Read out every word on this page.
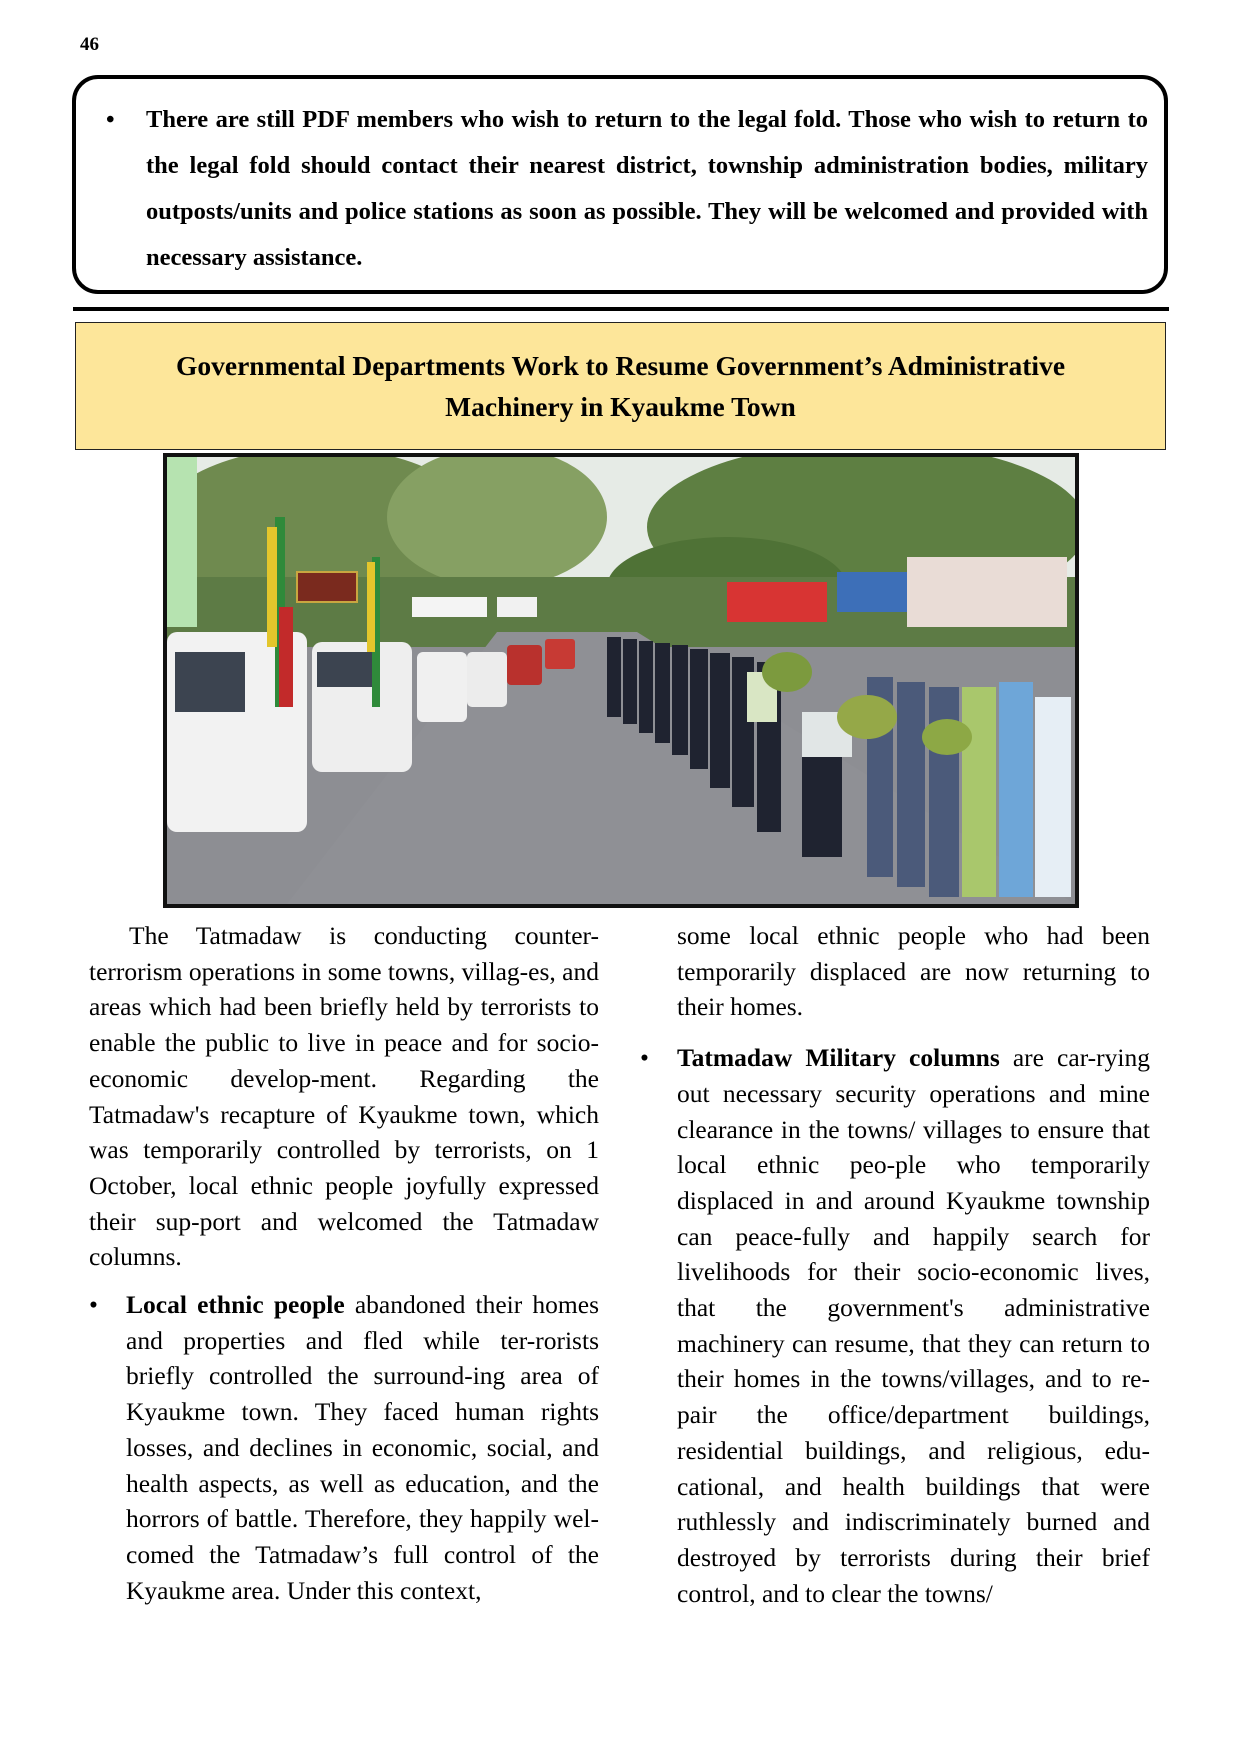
46
• There are still PDF members who wish to return to the legal fold. Those who wish to return to the legal fold should contact their nearest district, township administration bodies, military outposts/units and police stations as soon as possible. They will be welcomed and provided with necessary assistance.
Governmental Departments Work to Resume Government’s Administrative
Machinery in Kyaukme Town

The Tatmadaw is conducting counter-terrorism operations in some towns, villag-es, and areas which had been briefly held by terrorists to enable the public to live in peace and for socio-economic develop-ment. Regarding the Tatmadaw's recapture of Kyaukme town, which was temporarily controlled by terrorists, on 1 October, local ethnic people joyfully expressed their sup-port and welcomed the Tatmadaw columns.

• Local ethnic people abandoned their homes and properties and fled while ter-rorists briefly controlled the surround-ing area of Kyaukme town. They faced human rights losses, and declines in economic, social, and health aspects, as well as education, and the horrors of battle. Therefore, they happily wel-comed the Tatmadaw’s full control of the Kyaukme area. Under this context,

some local ethnic people who had been temporarily displaced are now returning to their homes.

• Tatmadaw Military columns are car-rying out necessary security operations and mine clearance in the towns/ villages to ensure that local ethnic peo-ple who temporarily displaced in and around Kyaukme township can peace-fully and happily search for livelihoods for their socio-economic lives, that the government's administrative machinery can resume, that they can return to their homes in the towns/villages, and to re-pair the office/department buildings, residential buildings, and religious, edu-cational, and health buildings that were ruthlessly and indiscriminately burned and destroyed by terrorists during their brief control, and to clear the towns/
